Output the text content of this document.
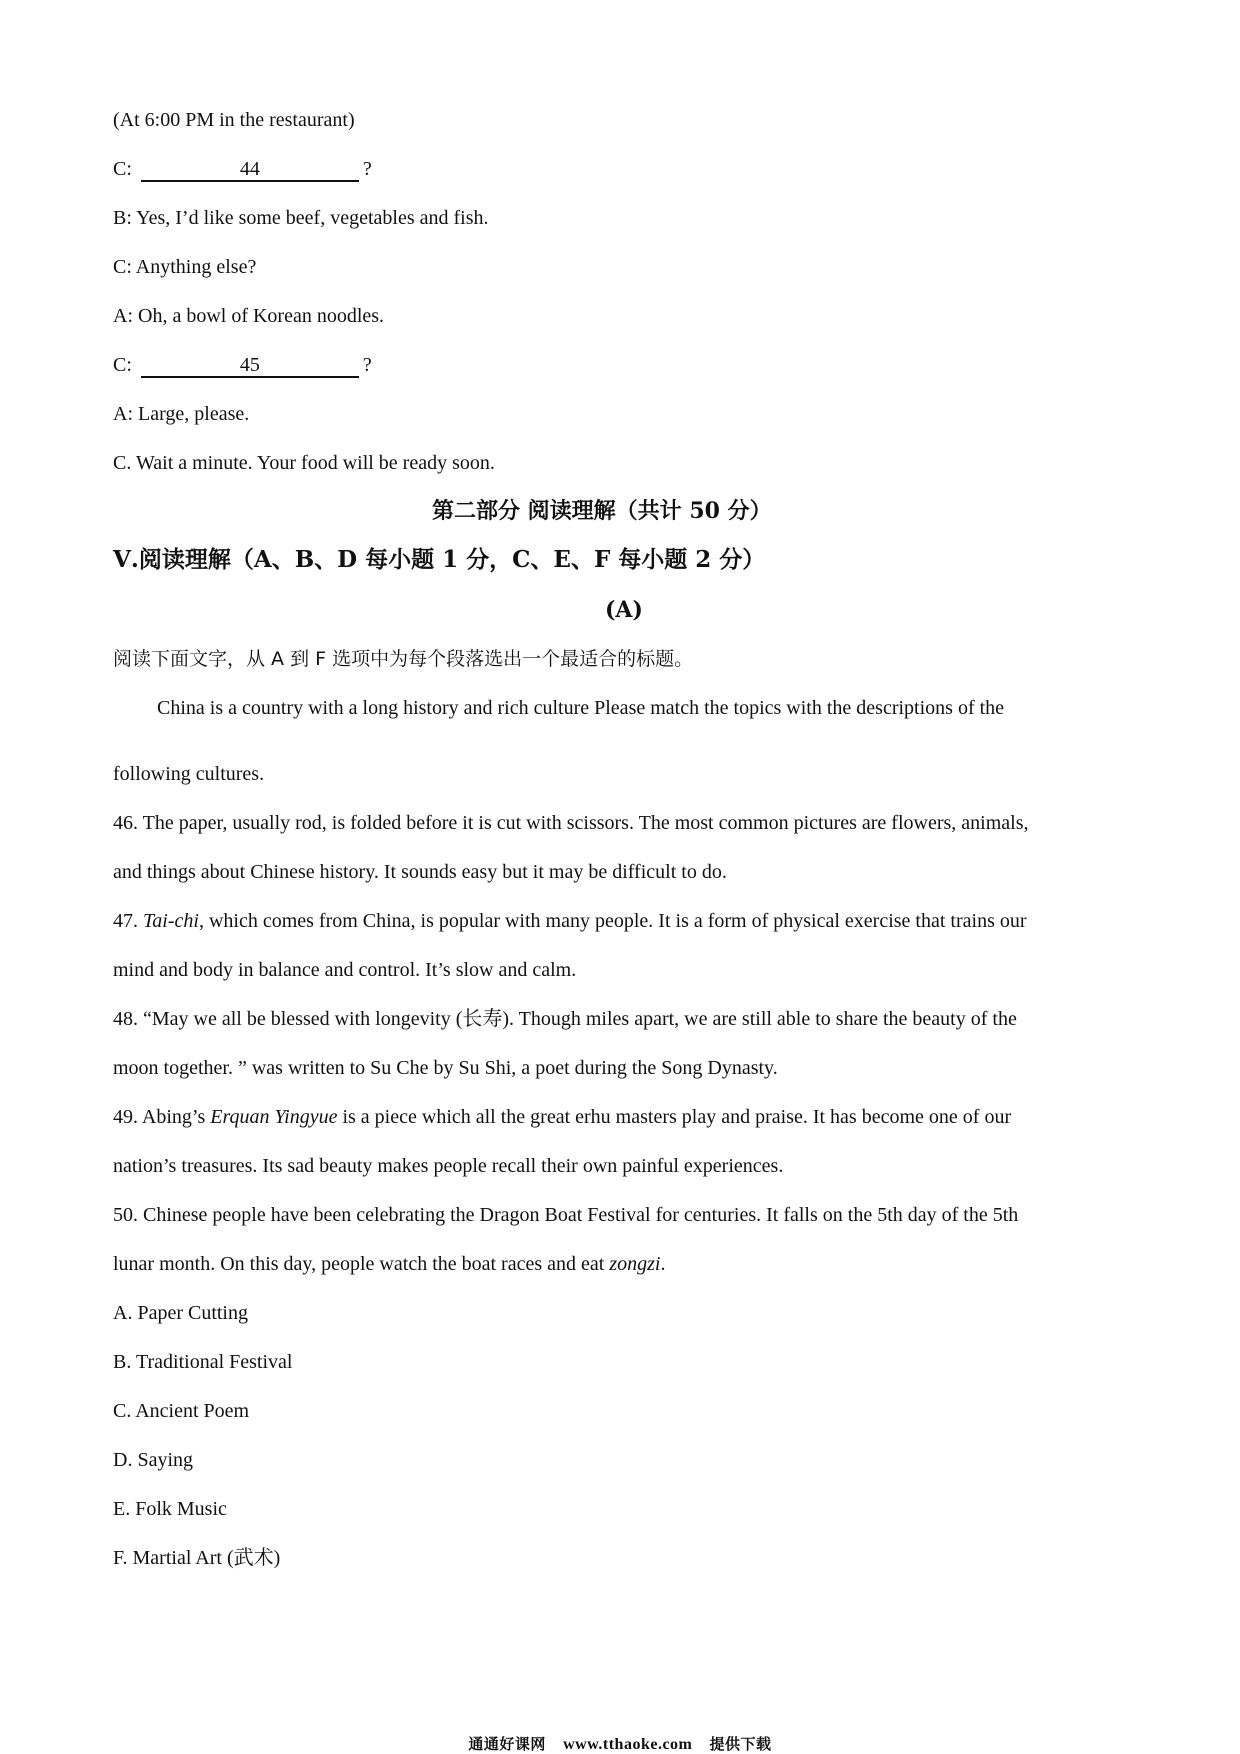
(At 6:00 PM in the restaurant)
C:	44	?
B: Yes, I’d like some beef, vegetables and fish.
C: Anything else?
A: Oh, a bowl of Korean noodles.
C:	45	?
A: Large, please.
C. Wait a minute. Your food will be ready soon.
第二部分 阅读理解（共计 50 分）
Ⅴ.阅读理解（A、B、D 每小题 1 分，C、E、F 每小题 2 分）
(A)
阅读下面文字，从 A 到 F 选项中为每个段落选出一个最适合的标题。
China is a country with a long history and rich culture Please match the topics with the descriptions of the
following cultures.
46. The paper, usually rod, is folded before it is cut with scissors. The most common pictures are flowers, animals,
and things about Chinese history. It sounds easy but it may be difficult to do.
47. Tai-chi, which comes from China, is popular with many people. It is a form of physical exercise that trains our
mind and body in balance and control. It’s slow and calm.
48. “May we all be blessed with longevity (长寿). Though miles apart, we are still able to share the beauty of the
moon together. ” was written to Su Che by Su Shi, a poet during the Song Dynasty.
49. Abing’s Erquan Yingyue is a piece which all the great erhu masters play and praise. It has become one of our
nation’s treasures. Its sad beauty makes people recall their own painful experiences.
50. Chinese people have been celebrating the Dragon Boat Festival for centuries. It falls on the 5th day of the 5th
lunar month. On this day, people watch the boat races and eat zongzi.
A. Paper Cutting
B. Traditional Festival
C. Ancient Poem
D. Saying
E. Folk Music
F. Martial Art (武术)
通通好课网 www.tthaoke.com 提供下载
